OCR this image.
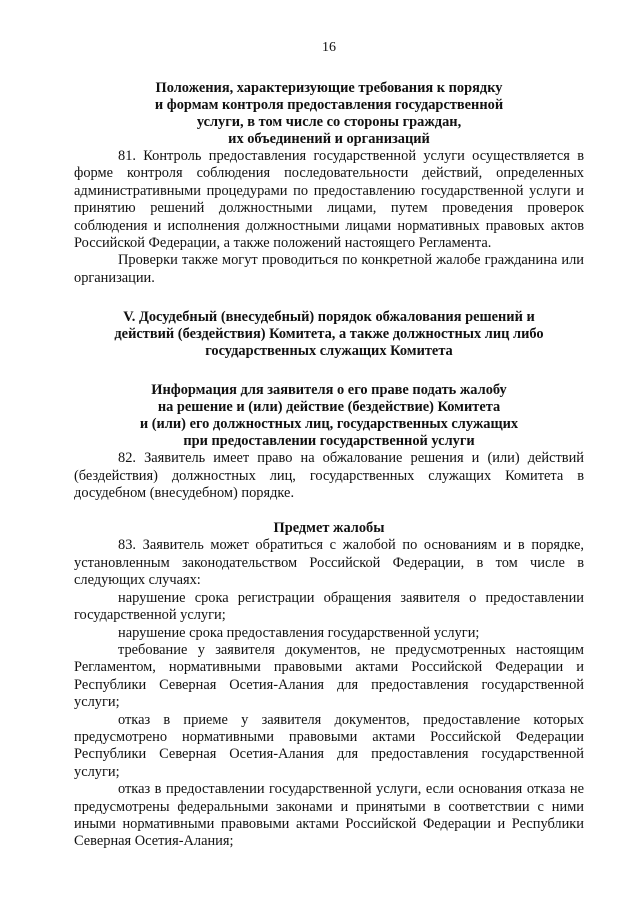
16
Положения, характеризующие требования к порядку
и формам контроля предоставления государственной
услуги, в том числе со стороны граждан,
их объединений и организаций

81. Контроль предоставления государственной услуги осуществляется в форме контроля соблюдения последовательности действий, определенных административными процедурами по предоставлению государственной услуги и принятию решений должностными лицами, путем проведения проверок соблюдения и исполнения должностными лицами нормативных правовых актов Российской Федерации, а также положений настоящего Регламента.

Проверки также могут проводиться по конкретной жалобе гражданина или организации.

V. Досудебный (внесудебный) порядок обжалования решений и
действий (бездействия) Комитета, а также должностных лиц либо
государственных служащих Комитета
Информация для заявителя о его праве подать жалобу
на решение и (или) действие (бездействие) Комитета
и (или) его должностных лиц, государственных служащих
при предоставлении государственной услуги

82. Заявитель имеет право на обжалование решения и (или) действий (бездействия) должностных лиц, государственных служащих Комитета в досудебном (внесудебном) порядке.

Предмет жалобы

83. Заявитель может обратиться с жалобой по основаниям и в порядке, установленным законодательством Российской Федерации, в том числе в следующих случаях:

нарушение срока регистрации обращения заявителя о предоставлении государственной услуги;

нарушение срока предоставления государственной услуги;

требование у заявителя документов, не предусмотренных настоящим Регламентом, нормативными правовыми актами Российской Федерации и Республики Северная Осетия-Алания для предоставления государственной услуги;

отказ в приеме у заявителя документов, предоставление которых предусмотрено нормативными правовыми актами Российской Федерации Республики Северная Осетия-Алания для предоставления государственной услуги;

отказ в предоставлении государственной услуги, если основания отказа не предусмотрены федеральными законами и принятыми в соответствии с ними иными нормативными правовыми актами Российской Федерации и Республики Северная Осетия-Алания;
